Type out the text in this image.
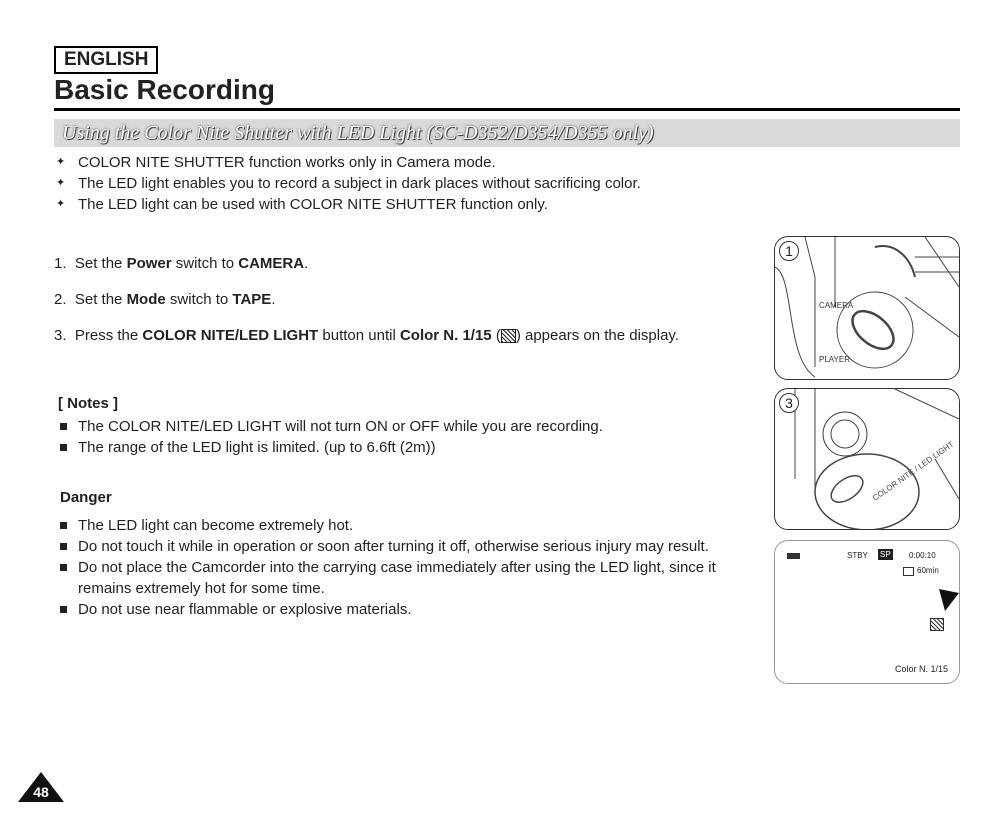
ENGLISH
Basic Recording
Using the Color Nite Shutter with LED Light (SC-D352/D354/D355 only)
✦ COLOR NITE SHUTTER function works only in Camera mode.
✦ The LED light enables you to record a subject in dark places without sacrificing color.
✦ The LED light can be used with COLOR NITE SHUTTER function only.
1. Set the Power switch to CAMERA.
2. Set the Mode switch to TAPE.
3. Press the COLOR NITE/LED LIGHT button until Color N. 1/15 ( ) appears on the display.
[ Notes ]
The COLOR NITE/LED LIGHT will not turn ON or OFF while you are recording.
The range of the LED light is limited. (up to 6.6ft (2m))
Danger
The LED light can become extremely hot.
Do not touch it while in operation or soon after turning it off, otherwise serious injury may result.
Do not place the Camcorder into the carrying case immediately after using the LED light, since it remains extremely hot for some time.
Do not use near flammable or explosive materials.
CAMERA
PLAYER
1
COLOR NITE / LED LIGHT
3
STBY SP 0:00:10
60min
Color N. 1/15
48
